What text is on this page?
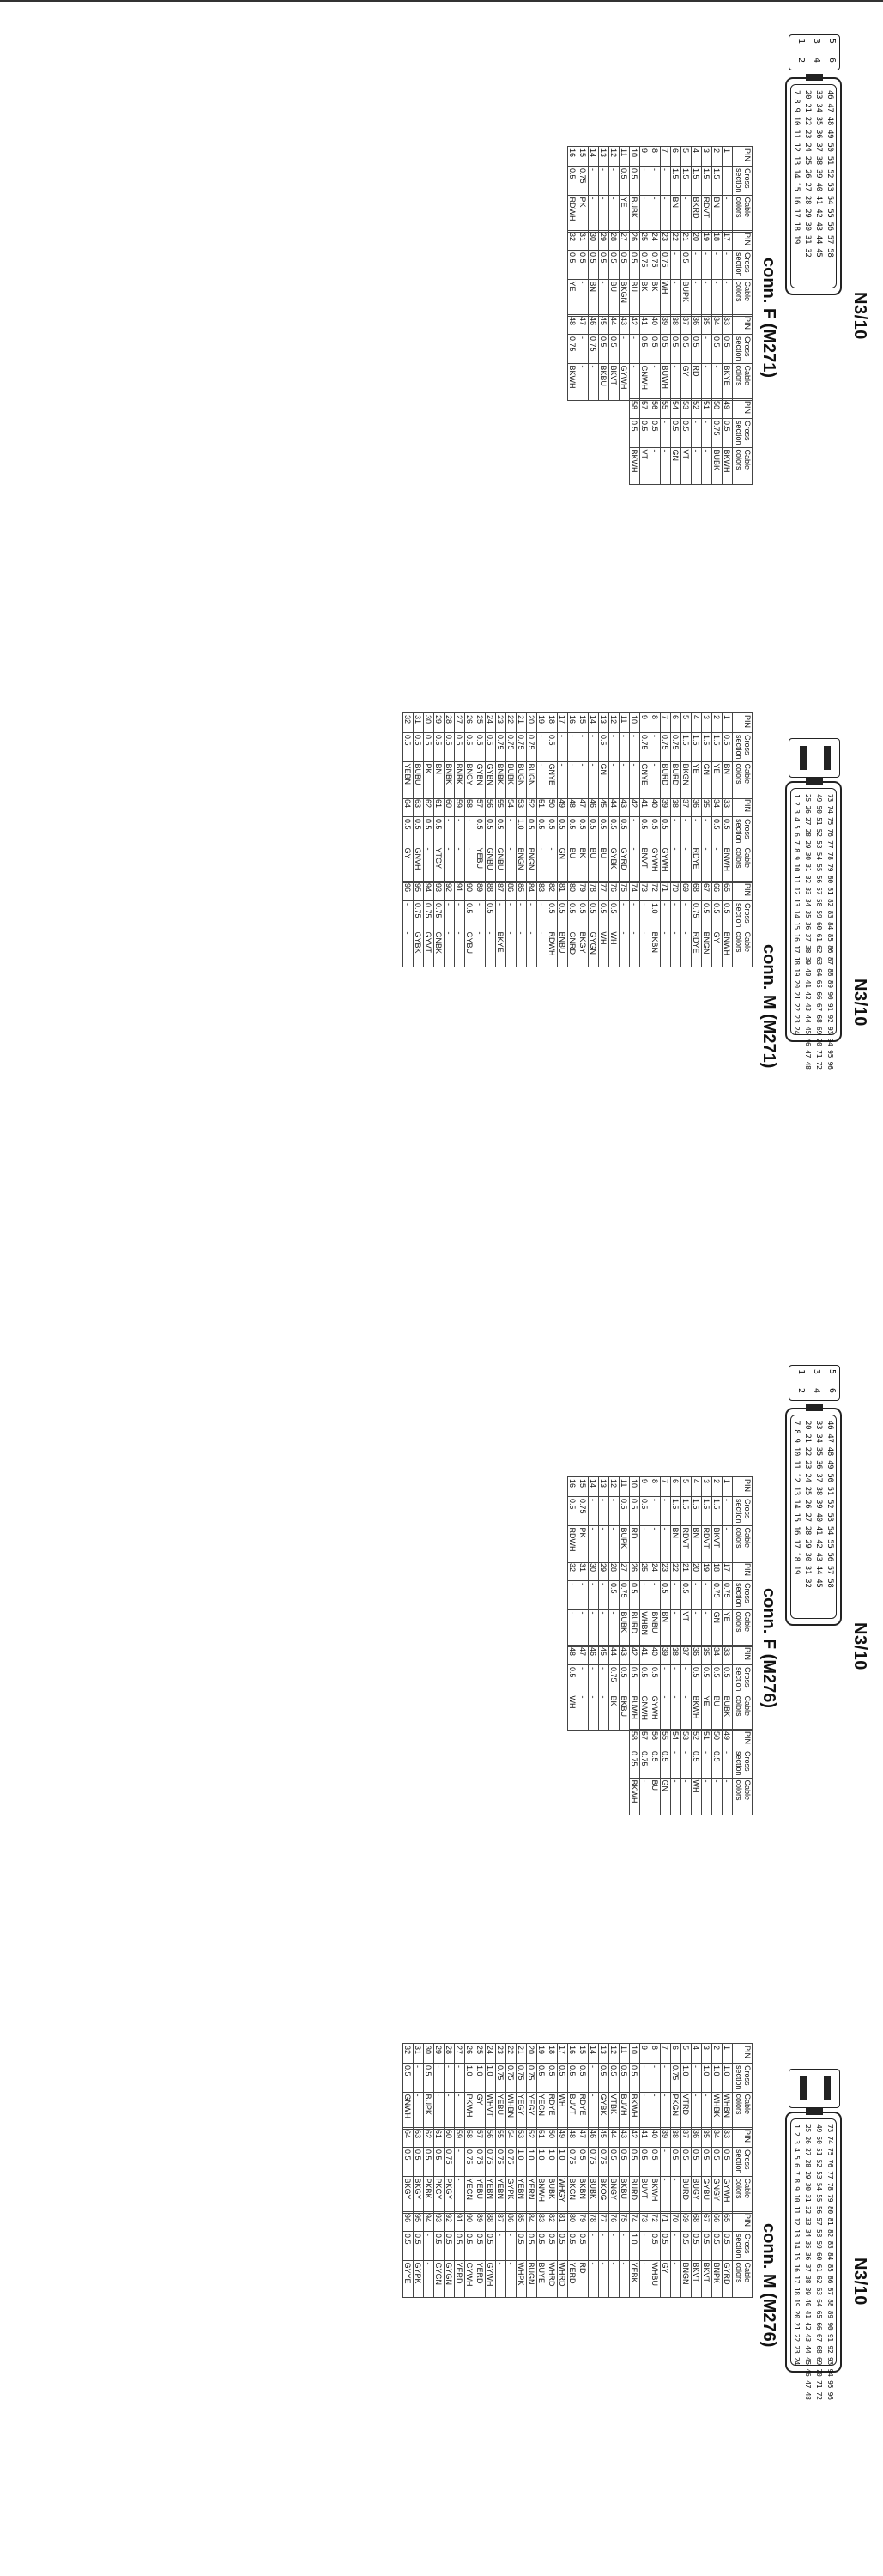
N3/10
46 47 48 49 50 51 52 53 54 55 56 57 58
33 34 35 36 37 38 39 40 41 42 43 44 45
20 21 22 23 24 25 26 27 28 29 30 31 32
7 8 9 10 11 12 13 14 15 16 17 18 19
5
6
3
4
1
2
conn. F (M271)
PIN	Cross section	Cable colors
1		-
2	1.5	BN
3	1.5	RDVT
4	1.5	BKRD
5	1.5	-
6	1.5	BN
7	-	-
8	-	-
9	-	-
10	0.5	BUBK
11	0.5	YE
12	-	-
13	-	-
14	-	-
15	0.75	PK
16	0.5	RDWH
PIN	Cross section	Cable colors
17	-	-
18	-	-
19	-	-
20	-	-
21	0.5	BUPK
22	-	-
23	0.75	WH
24	0.75	BK
25	0.75	BK
26	0.5	BU
27	0.5	BKGN
28	0.5	BU
29	0.5	-
30	0.5	BN
31	0.5	-
32	0.5	YE
PIN	Cross section	Cable colors
33	0.5	BKYE
34	0.5	-
35	-	-
36	0.5	RD
37	0.5	GY
38	0.5	-
39	0.5	BUWH
40	0.5	-
41	0.5	GNWH
42	-	-
43	-	GYWH
44	0.5	BKVT
45	0.5	BKBU
46	0.75	-
47	-	-
48	0.75	BKWH
PIN	Cross section	Cable colors
49	0.5	BKWH
50	0.75	BUBK
51	-	-
52	-	-
53	0.5	VT
54	0.5	GN
55	-	-
56	0.5	-
57	0.5	VT
58	0.5	BKWH
N3/10
73 74 75 76 77 78 79 80 81 82 83 84 85 86 87 88 89 90 91 92 93 94 95 96
49 50 51 52 53 54 55 56 57 58 59 60 61 62 63 64 65 66 67 68 69 70 71 72
25 26 27 28 29 30 31 32 33 34 35 36 37 38 39 40 41 42 43 44 45 46 47 48
1 2 3 4 5 6 7 8 9 10 11 12 13 14 15 16 17 18 19 20 21 22 23 24
conn. M (M271)
PIN	Cross section	Cable colors
1	0.5	BN
2	1.5	YE
3	1.5	GN
4	1.5	YE
5	1.5	BKGN
6	0.75	BURD
7	0.75	BURD
8	-	-
9	0.75	GNYE
10	-	-
11	-	-
12	-	-
13	0.5	GN
14	-	-
15	-	-
16	-	-
17	-	-
18	0.5	GNYE
19	-	-
20	0.75	BUGN
21	0.75	BUGN
22	0.75	BUBK
23	0.75	BNBK
24	0.5	GYBN
25	0.5	GYBN
26	0.5	BNGY
27	0.5	BNBK
28	0.5	BNBK
29	0.5	BN
30	0.5	PK
31	0.5	BUBU
32	0.5	YEBN
PIN	Cross section	Cable colors
33	0.5	BNWH
34	0.5	-
35	-	-
36	-	RDYE
37	-	-
38	-	-
39	0.5	GYWH
40	0.5	GYWH
41	0.5	BNVT
42	-	-
43	0.5	GYRD
44	0.5	GYBK
45	0.5	BU
46	0.5	BU
47	0.5	BK
48	0.5	BU
49	0.5	GN
50	0.5	-
51	0.5	-
52	0.5	BNGN
53	1.0	BNGN
54	-	-
55	0.5	GNBU
56	0.5	GNBU
57	0.5	YEBU
58	-	-
59	-	-
60	-	-
61	0.5	YTGY
62	0.5	-
63	0.5	GNVH
64	0.5	GY
PIN	Cross section	Cable colors
65	0.5	BNWH
66	0.5	GY
67	0.5	BNGN
68	0.75	RDYE
69	-	-
70	-	-
71	-	-
72	1.0	BKBN
73	-	-
74	-	-
75	-	-
76	0.5	WH
77	0.5	WH
78	0.5	GYGN
79	0.5	BKGY
80	0.5	GNRD
81	0.5	BNBU
82	0.5	RDWH
83	-	-
84	-	-
85	-	-
86	-	-
87	-	BKYE
88	0.5	-
89	-	-
90	0.5	GYBU
91	-	-
92	-	-
93	0.75	GNBK
94	0.75	GYVT
95	0.75	GYBK
96	-	-
N3/10
46 47 48 49 50 51 52 53 54 55 56 57 58
33 34 35 36 37 38 39 40 41 42 43 44 45
20 21 22 23 24 25 26 27 28 29 30 31 32
7 8 9 10 11 12 13 14 15 16 17 18 19
5
6
3
4
1
2
conn. F (M276)
PIN	Cross section	Cable colors
1	-	-
2	1.5	BKVT
3	1.5	RDVT
4	1.5	BN
5	1.5	RDVT
6	1.5	BN
7	-	-
8	-	-
9	0.5	-
10	0.5	RD
11	0.5	BUPK
12	-	-
13	-	-
14	-	-
15	0.75	PK
16	0.5	RDWH
PIN	Cross section	Cable colors
17	0.75	YE
18	0.75	GN
19	-	-
20	-	-
21	0.5	VT
22	-	-
23	0.5	BN
24	-	BNBU
25	-	WHBN
26	0.5	BURD
27	0.75	BUBK
28	0.5	-
29	-	-
30	-	-
31	-	-
32	-	-
PIN	Cross section	Cable colors
33	0.5	BUBK
34	0.5	BU
35	0.5	YE
36	0.5	BKWH
37	-	-
38	-	-
39	-	-
40	0.5	GYWH
41	0.5	GNWH
42	0.5	BUWH
43	0.5	BKBU
44	0.75	BK
45	-	-
46	-	-
47	-	-
48	0.5	WH
PIN	Cross section	Cable colors
49	-	-
50	0.5	-
51	-	-
52	0.5	WH
53	-	-
54	-	-
55	0.5	GN
56	0.5	BU
57	0.75	-
58	0.75	BKWH
N3/10
73 74 75 76 77 78 79 80 81 82 83 84 85 86 87 88 89 90 91 92 93 94 95 96
49 50 51 52 53 54 55 56 57 58 59 60 61 62 63 64 65 66 67 68 69 70 71 72
25 26 27 28 29 30 31 32 33 34 35 36 37 38 39 40 41 42 43 44 45 46 47 48
1 2 3 4 5 6 7 8 9 10 11 12 13 14 15 16 17 18 19 20 21 22 23 24
conn. M (M276)
PIN	Cross section	Cable colors
1	1.0	WHBN
2	1.0	WHBK
3	1.0	-
4	-	-
5	1.0	VTRD
6	0.75	PKGN
7	-	-
8	-	-
9	-	-
10	0.5	BKWH
11	0.5	BUVH
12	0.5	VTBK
13	0.5	GYBK
14	-	-
15	0.5	RDYE
16	0.5	BUVT
17	0.5	WH
18	0.5	RDYE
19	0.5	YEGN
20	0.75	YEGY
21	0.75	YEGY
22	0.75	WHBN
23	0.75	YEBU
24	1.0	WHVT
25	1.0	GY
26	1.0	PKWH
27	-	-
28	-	-
29	-	-
30	0.5	BUPK
31	-	-
32	0.5	GNWH
PIN	Cross section	Cable colors
33	0.5	GYWH
34	0.5	GNGY
35	0.5	GYBU
36	0.5	BUGY
37	0.5	BURD
38	0.5	-
39	-	-
40	0.5	BKWH
41	0.5	BUVT
42	0.5	BURD
43	0.5	BKBU
44	0.5	BNGY
45	0.75	BKOG
46	0.75	BUBK
47	0.5	BKBN
48	0.75	BKGN
49	1.0	WHGY
50	1.0	BUBK
51	1.0	BNWH
52	1.0	YERN
53	1.0	YEBN
54	0.75	GYPK
55	0.75	YEBN
56	0.75	YEBN
57	0.75	YEBU
58	0.75	YEGN
59	-	-
60	0.75	PKGY
61	0.5	PKGY
62	0.5	PKBK
63	0.5	BKGY
64	0.5	BKGY
PIN	Cross section	Cable colors
65	0.5	GYRD
66	0.5	BNPK
67	0.5	BKVT
68	0.5	BKVT
69	0.5	BNGN
70	-	-
71	0.5	GY
72	0.5	WHBU
73	-	-
74	1.0	YEBK
75	-	-
76	-	-
77	-	-
78	-	-
79	0.5	RD
80	0.5	YERD
81	0.5	WHRD
82	0.5	WHRD
83	0.5	BUYE
84	0.5	BUGN
85	0.5	WHPK
86	-	-
87	-	-
88	0.5	GYWH
89	0.5	YERD
90	0.5	GYWH
91	0.5	YERD
92	0.5	GYGN
93	0.5	GYGN
94	-	-
95	0.5	GYPK
96	0.5	GYYE
